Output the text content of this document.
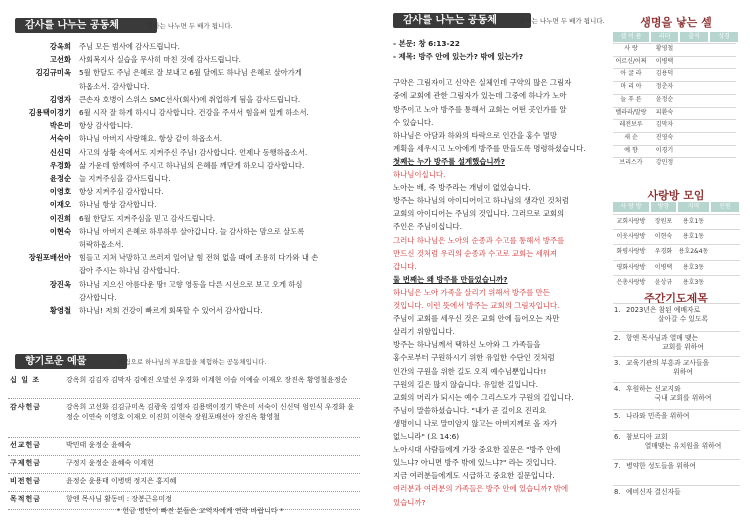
감사를 나누는 공동체	감사는 나누면 두 배가 됩니다.
강옥희 주님 모든 범사에 감사드립니다.
고선화 사회복지사 실습을 무사히 마친 것에 감사드립니다.
김김규미옥 5월 한달도 주님 은혜로 잘 보내고 6월 달에도 하나님 은혜로 살아가게
하옵소서. 감사합니다.
김영자 큰손자 호병이 스위스 SMC선사(회사)에 취업하게 됨을 감사드립니다.
김용택이경기 6월 시작 잘 하게 하시니 감사합니다. 건강을 주셔서 힘을써 일케 하소서.
박은미 항상 감사합니다.
서숙이 하나님 아버지 사랑해요. 항상 같이 하옵소서.
신신덕 사고의 상황 속에서도 지켜주신 주님! 감사합니다. 언제나 동행하옵소서.
우경화 삶 가운데 함께하여 주시고 하나님의 은혜를 깨닫게 하오니 감사합니다.
윤정순 늘 지켜주심을 감사드립니다.
이영호 항상 지켜주심 감사합니다.
이재오 하나님 항상 감사합니다.
이진희 6월 한달도 지켜주심을 믿고 감사드립니다.
이현숙 하나님 아버지 은혜로 하루하루 살아갑니다. 늘 감사하는 맘으로 살도록
허락하옵소서.
장원포배선아 힘들고 지쳐 낙망하고 쓰러져 일어날 힘 전혀 없을 때에 조용히 다가와 내 손
잡아 주시는 하나님 감사합니다.
장진옥 하나님 지으신 아름다운 땅! 고향 영동을 다른 시선으로 보고 오게 하심
감사합니다.
황영철 하나님! 저희 건강이 빠르게 회복할 수 있어서 감사합니다.
향기로운 예물	드림으로 하나님의 부요함을 체험하는 공동체입니다.
십 일 조	강옥희 김김자 김막자 김예진 오말선 우경화 이계현 이슬 이예슬 이재오 장진옥 황영철윤정순
감사헌금	강옥희 고선화 김김규미옥 김광욱 김영자 김용택이경기 박은미 서숙이 신신덕 엄인식 우경화 윤정순 이연숙 이영호 이재오 이진희 이현숙 장원포배선아 장진옥 황영철
선교헌금	박민태 윤정순 윤혜숙
구제헌금	구정지 윤정순 윤혜숙 이계현
비전헌금	윤정순 윤용태 이병택 정지은 홍지혜
목적헌금	항엔 목사님 활동비 : 장봉근유미정
* 헌금 명단이 빠진 분들은 교역자에게 연락 바랍니다 *
감사를 나누는 공동체	감사는 나누면 두 배가 됩니다.
- 본문: 창 6:13-22
- 제목: 방주 안에 있는가? 밖에 있는가?
구약은 그림자이고 신약은 실체인데 구약의 많은 그림자
중에 교회에 관한 그림자가 있는데 그중에 하나가 노아
방주이고 노아 방주를 통해서 교회는 어떤 곳인가를 알
수 있습니다.
하나님은 아담과 하와의 타락으로 인간을 홍수 멸망
계획을 세우시고 노아에게 방주를 만들도록 명령하셨습니다.
첫째는 누가 방주를 설계했습니까?
하나님이십니다.
노아는 배, 즉 방주라는 개념이 없었습니다.
방주는 하나님의 아이디어이고 하나님의 생각인 것처럼
교회의 아이디어는 주님의 것입니다. 그러므로 교회의
주인은 주님이십니다.
그러나 하나님은 노아의 순종과 수고를 통해서 방주를
만드신 것처럼 우리의 순종과 수고로 교회는 세워져
갑니다.
둘 번째는 왜 방주를 만들었습니까?
하나님은 노아 가족을 살리기 위해서 방주를 만든
것입니다. 이런 뜻에서 방주는 교회의 그림자입니다.
주님이 교회를 세우신 것은 교회 안에 들어오는 자만
살리기 위함입니다.
방주는 하나님께서 택하신 노아와 그 가족들을
홍수로부터 구원하시기 위한 유일한 수단인 것처럼
인간의 구원을 위한 길도 오직 예수님뿐입니다!!
구원의 길은 많지 않습니다. 유일한 길입니다.
교회의 머리가 되시는 예수 그리스도가 구원의 길입니다.
주님이 말씀하셨습니다. "내가 곧 길이요 진리요
생명이니 나로 말미암지 않고는 아버지께로 올 자가
없느니라" (요 14:6)
노아시대 사람들에게 가장 중요한 질문은 "방주 안에
있느냐? 아니면 방주 밖에 있느냐?" 라는 것입니다.
지금 여러분들에게도 시급하고 중요한 질문입니다.
여러분과 여러분의 가족들은 방주 안에 있습니까? 밖에
있습니까?
생명을 낳는 셀
셀 이 름	리더	출석	성경
사 랑	황영철
어르신/어쩌	이병택
아 굴 라	김용덕
마 리 아	정춘자
늘 푸 른	윤정순
벨라라/말랑	피환숙
레전보루	김막자
새 순	진영숙
예 향	이경기
브리스가	강민정
사랑방 모임
사 랑 방	방장	지역	인원
교회사랑방	장원포	용호1동
이웃사랑방	이현숙	용호1동
화평사랑방	우경화	용호2&4동
평화사랑방	이병택	용호3동
은총사랑방	윤상규	용호3동
주간기도제목
1. 2023년은 참된 예배자로
살아갈 수 있도록
2. 항엔 목사님과 열매 맺는
교회를 위하여
3. 교육기관의 부흥과 교사들을
위하여
4. 후원하는 선교지와
국내 교회를 위하여
5. 나라와 민족을 위하여
6. 참보디아 교회
열매맺는 유치원을 위하여
7. 병약한 성도들을 위하여
8. 예비신자 결신자들
